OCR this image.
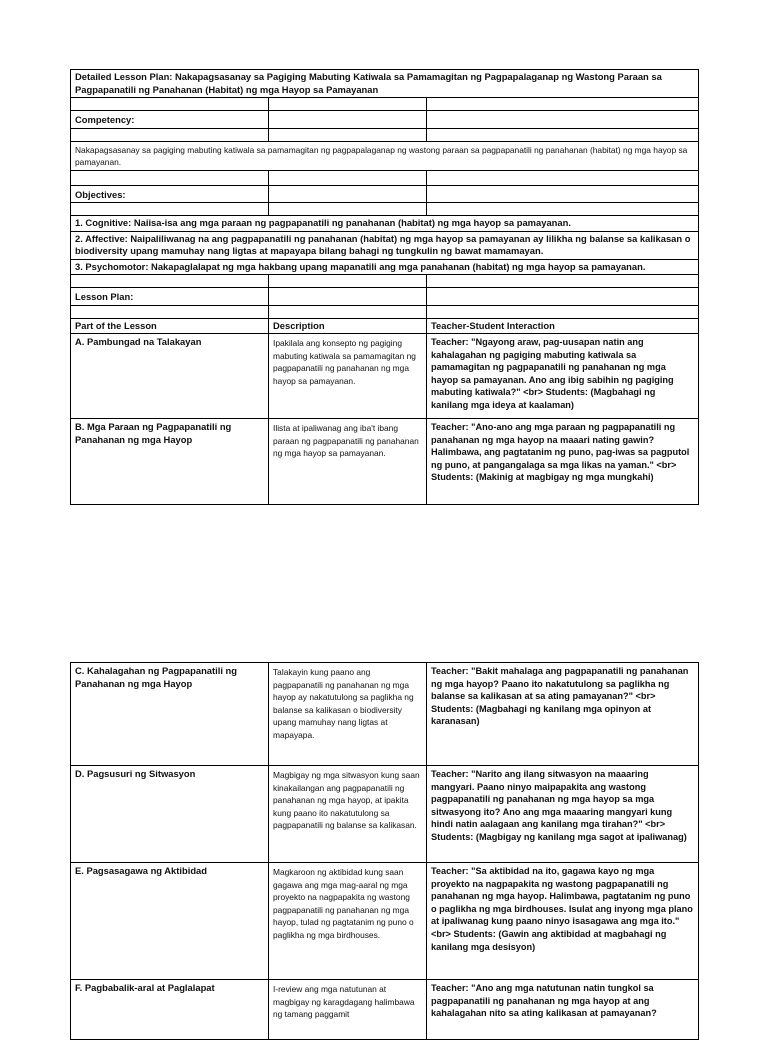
Detailed Lesson Plan: Nakapagsasanay sa Pagiging Mabuting Katiwala sa Pamamagitan ng Pagpapalaganap ng Wastong Paraan sa Pagpapanatili ng Panahanan (Habitat) ng mga Hayop sa Pamayanan		

Competency:		

Nakapagsasanay sa pagiging mabuting katiwala sa pamamagitan ng pagpapalaganap ng wastong paraan sa pagpapanatili ng panahanan (habitat) ng mga hayop sa pamayanan.		

Objectives:		

1. Cognitive: Naiisa-isa ang mga paraan ng pagpapanatili ng panahanan (habitat) ng mga hayop sa pamayanan.		
2. Affective: Naipaliliwanag na ang pagpapanatili ng panahanan (habitat) ng mga hayop sa pamayanan ay lilikha ng balanse sa kalikasan o biodiversity upang mamuhay nang ligtas at mapayapa bilang bahagi ng tungkulin ng bawat mamamayan.		
3. Psychomotor: Nakapaglalapat ng mga hakbang upang mapanatili ang mga panahanan (habitat) ng mga hayop sa pamayanan.		

Lesson Plan:		

Part of the Lesson	Description	Teacher-Student Interaction
A. Pambungad na Talakayan	Ipakilala ang konsepto ng pagiging mabuting katiwala sa pamamagitan ng pagpapanatili ng panahanan ng mga hayop sa pamayanan.	Teacher: "Ngayong araw, pag-uusapan natin ang kahalagahan ng pagiging mabuting katiwala sa pamamagitan ng pagpapanatili ng panahanan ng mga hayop sa pamayanan. Ano ang ibig sabihin ng pagiging mabuting katiwala?" <br> Students: (Magbahagi ng kanilang mga ideya at kaalaman)
B. Mga Paraan ng Pagpapanatili ng Panahanan ng mga Hayop	Ilista at ipaliwanag ang iba't ibang paraan ng pagpapanatili ng panahanan ng mga hayop sa pamayanan.	Teacher: "Ano-ano ang mga paraan ng pagpapanatili ng panahanan ng mga hayop na maaari nating gawin? Halimbawa, ang pagtatanim ng puno, pag-iwas sa pagputol ng puno, at pangangalaga sa mga likas na yaman." <br> Students: (Makinig at magbigay ng mga mungkahi)
C. Kahalagahan ng Pagpapanatili ng Panahanan ng mga Hayop	Talakayin kung paano ang pagpapanatili ng panahanan ng mga hayop ay nakatutulong sa paglikha ng balanse sa kalikasan o biodiversity upang mamuhay nang ligtas at mapayapa.	Teacher: "Bakit mahalaga ang pagpapanatili ng panahanan ng mga hayop? Paano ito nakatutulong sa paglikha ng balanse sa kalikasan at sa ating pamayanan?" <br> Students: (Magbahagi ng kanilang mga opinyon at karanasan)
D. Pagsusuri ng Sitwasyon	Magbigay ng mga sitwasyon kung saan kinakailangan ang pagpapanatili ng panahanan ng mga hayop, at ipakita kung paano ito nakatutulong sa pagpapanatili ng balanse sa kalikasan.	Teacher: "Narito ang ilang sitwasyon na maaaring mangyari. Paano ninyo maipapakita ang wastong pagpapanatili ng panahanan ng mga hayop sa mga sitwasyong ito? Ano ang mga maaaring mangyari kung hindi natin aalagaan ang kanilang mga tirahan?" <br> Students: (Magbigay ng kanilang mga sagot at ipaliwanag)
E. Pagsasagawa ng Aktibidad	Magkaroon ng aktibidad kung saan gagawa ang mga mag-aaral ng mga proyekto na nagpapakita ng wastong pagpapanatili ng panahanan ng mga hayop, tulad ng pagtatanim ng puno o paglikha ng mga birdhouses.	Teacher: "Sa aktibidad na ito, gagawa kayo ng mga proyekto na nagpapakita ng wastong pagpapanatili ng panahanan ng mga hayop. Halimbawa, pagtatanim ng puno o paglikha ng mga birdhouses. Isulat ang inyong mga plano at ipaliwanag kung paano ninyo isasagawa ang mga ito." <br> Students: (Gawin ang aktibidad at magbahagi ng kanilang mga desisyon)
F. Pagbabalik-aral at Paglalapat	I-review ang mga natutunan at magbigay ng karagdagang halimbawa ng tamang paggamit	Teacher: "Ano ang mga natutunan natin tungkol sa pagpapanatili ng panahanan ng mga hayop at ang kahalagahan nito sa ating kalikasan at pamayanan?
